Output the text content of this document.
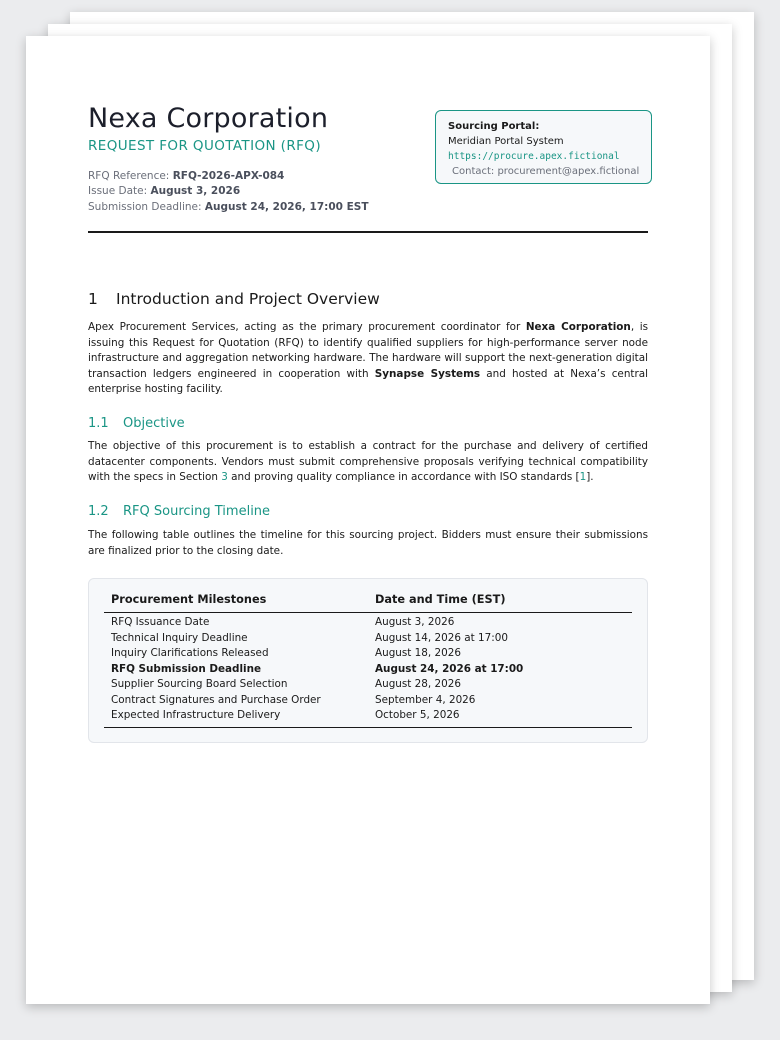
Nexa Corporation
REQUEST FOR QUOTATION (RFQ)
RFQ Reference: RFQ-2026-APX-084
Issue Date: August 3, 2026
Submission Deadline: August 24, 2026, 17:00 EST
Sourcing Portal:
Meridian Portal System
https://procure.apex.fictional
Contact: procurement@apex.fictional
1 Introduction and Project Overview
Apex Procurement Services, acting as the primary procurement coordinator for Nexa Corporation, is issuing this Request for Quotation (RFQ) to identify qualified suppliers for high-performance server node infrastructure and aggregation networking hardware. The hardware will support the next-generation digital transaction ledgers engineered in cooperation with Synapse Systems and hosted at Nexa’s central enterprise hosting facility.
1.1 Objective
The objective of this procurement is to establish a contract for the purchase and delivery of certified datacenter components. Vendors must submit comprehensive proposals verifying technical compatibility with the specs in Section 3 and proving quality compliance in accordance with ISO standards [1].
1.2 RFQ Sourcing Timeline
The following table outlines the timeline for this sourcing project. Bidders must ensure their submissions are finalized prior to the closing date.
Procurement Milestones	Date and Time (EST)
RFQ Issuance Date	August 3, 2026
Technical Inquiry Deadline	August 14, 2026 at 17:00
Inquiry Clarifications Released	August 18, 2026
RFQ Submission Deadline	August 24, 2026 at 17:00
Supplier Sourcing Board Selection	August 28, 2026
Contract Signatures and Purchase Order	September 4, 2026
Expected Infrastructure Delivery	October 5, 2026
